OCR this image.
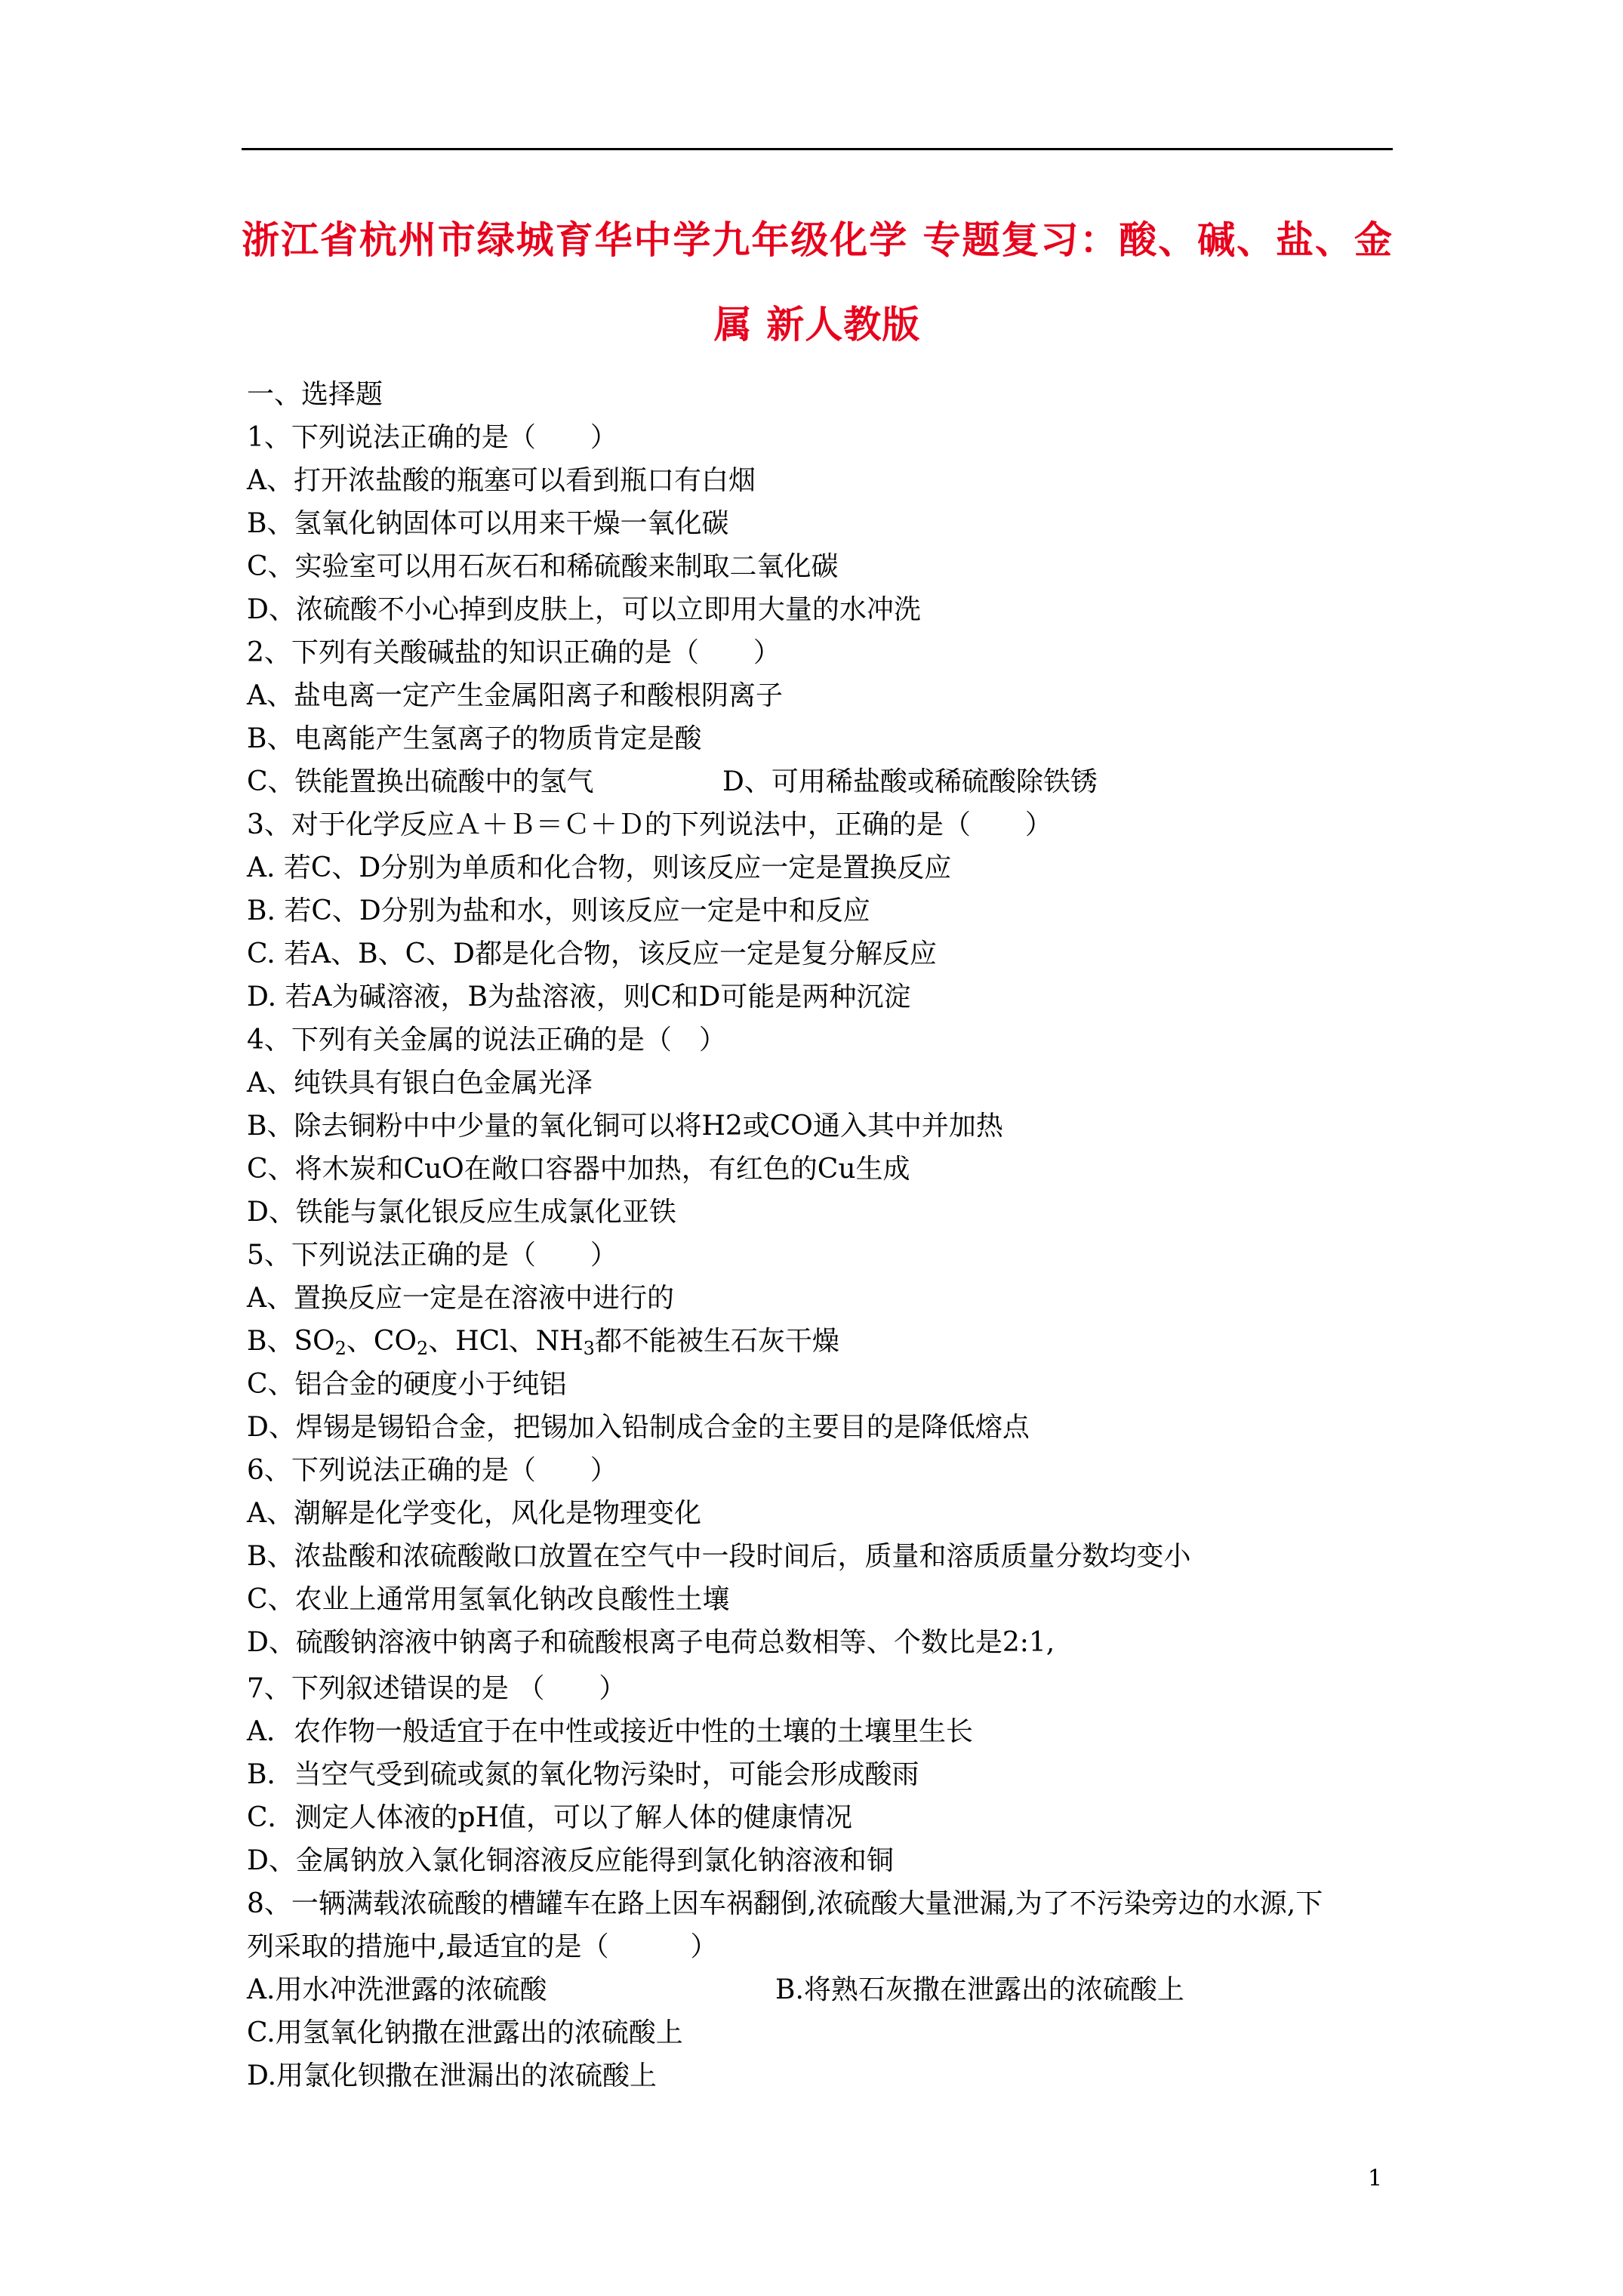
浙江省杭州市绿城育华中学九年级化学 专题复习：酸、碱、盐、金
属 新人教版
一、选择题
1、下列说法正确的是（　　）
A、打开浓盐酸的瓶塞可以看到瓶口有白烟
B、氢氧化钠固体可以用来干燥一氧化碳
C、实验室可以用石灰石和稀硫酸来制取二氧化碳
D、浓硫酸不小心掉到皮肤上，可以立即用大量的水冲洗
2、下列有关酸碱盐的知识正确的是（　　）
A、盐电离一定产生金属阳离子和酸根阴离子
B、电离能产生氢离子的物质肯定是酸
C、铁能置换出硫酸中的氢气	D、可用稀盐酸或稀硫酸除铁锈
3、对于化学反应Ａ＋Ｂ＝Ｃ＋Ｄ的下列说法中，正确的是（　　）
A. 若C、D分别为单质和化合物，则该反应一定是置换反应
B. 若C、D分别为盐和水，则该反应一定是中和反应
C. 若A、B、C、D都是化合物，该反应一定是复分解反应
D. 若A为碱溶液，B为盐溶液，则C和D可能是两种沉淀
4、下列有关金属的说法正确的是（　）
A、纯铁具有银白色金属光泽
B、除去铜粉中中少量的氧化铜可以将H2或CO通入其中并加热
C、将木炭和CuO在敞口容器中加热，有红色的Cu生成
D、铁能与氯化银反应生成氯化亚铁
5、下列说法正确的是（　　）
A、置换反应一定是在溶液中进行的
B、$SO_2$、$CO_2$、HCl、$NH_3$都不能被生石灰干燥
C、铝合金的硬度小于纯铝
D、焊锡是锡铅合金，把锡加入铅制成合金的主要目的是降低熔点
6、下列说法正确的是（　　）
A、潮解是化学变化，风化是物理变化
B、浓盐酸和浓硫酸敞口放置在空气中一段时间后，质量和溶质质量分数均变小
C、农业上通常用氢氧化钠改良酸性土壤
D、硫酸钠溶液中钠离子和硫酸根离子电荷总数相等、个数比是2:1,
7、下列叙述错误的是 （　　）
A．农作物一般适宜于在中性或接近中性的土壤的土壤里生长
B．当空气受到硫或氮的氧化物污染时，可能会形成酸雨
C．测定人体液的pH值，可以了解人体的健康情况
D、金属钠放入氯化铜溶液反应能得到氯化钠溶液和铜
8、一辆满载浓硫酸的槽罐车在路上因车祸翻倒,浓硫酸大量泄漏,为了不污染旁边的水源,下
列采取的措施中,最适宜的是（　　　）
A.用水冲洗泄露的浓硫酸	B.将熟石灰撒在泄露出的浓硫酸上
C.用氢氧化钠撒在泄露出的浓硫酸上
D.用氯化钡撒在泄漏出的浓硫酸上
1
